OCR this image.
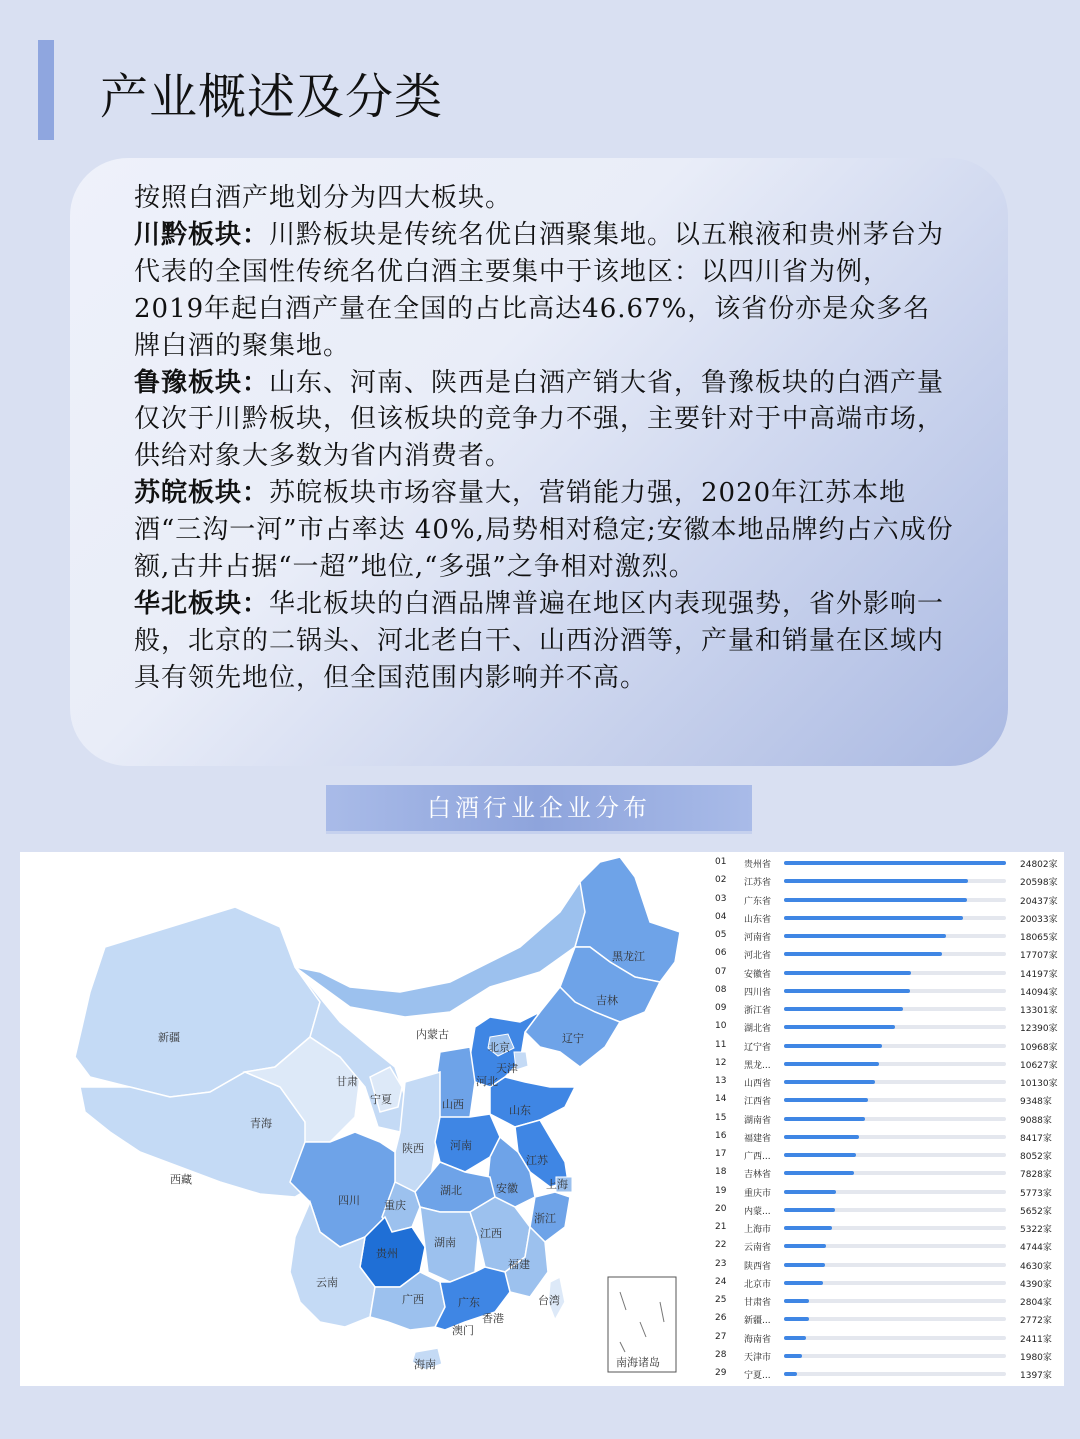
产业概述及分类

按照白酒产地划分为四大板块。

川黔板块：川黔板块是传统名优白酒聚集地。以五粮液和贵州茅台为代表的全国性传统名优白酒主要集中于该地区：以四川省为例，2019年起白酒产量在全国的占比高达46.67%，该省份亦是众多名牌白酒的聚集地。

鲁豫板块：山东、河南、陕西是白酒产销大省，鲁豫板块的白酒产量仅次于川黔板块，但该板块的竞争力不强，主要针对于中高端市场，供给对象大多数为省内消费者。

苏皖板块：苏皖板块市场容量大，营销能力强，2020年江苏本地酒“三沟一河”市占率达 40%,局势相对稳定;安徽本地品牌约占六成份额,古井占据“一超”地位,“多强”之争相对激烈。

华北板块：华北板块的白酒品牌普遍在地区内表现强势，省外影响一般，北京的二锅头、河北老白干、山西汾酒等，产量和销量在区域内具有领先地位，但全国范围内影响并不高。

白酒行业企业分布
黑龙江
吉林
辽宁
内蒙古
新疆
北京
天津
河北
宁夏
甘肃
山西	山东
青海
陕西 河南
江苏
西藏
四川 重庆
湖北	安徽	上海
浙江
贵州
湖南
江西
云南
广西	广东
福建
台湾
香港
澳门
海南	南海诸岛
01 贵州省	24802家
02 江苏省	20598家
03 广东省	20437家
04 山东省	20033家
05 河南省	18065家
06 河北省	17707家
07 安徽省	14197家
08 四川省	14094家
09 浙江省	13301家
10 湖北省	12390家
11 辽宁省	10968家
12 黑龙...	10627家
13 山西省	10130家
14 江西省	9348家
15 湖南省	9088家
16 福建省	8417家
17 广西...	8052家
18 吉林省	7828家
19 重庆市	5773家
20 内蒙...	5652家
21 上海市	5322家
22 云南省	4744家
23 陕西省	4630家
24 北京市	4390家
25 甘肃省	2804家
26 新疆...	2772家
27 海南省	2411家
28 天津市	1980家
29 宁夏...	1397家
